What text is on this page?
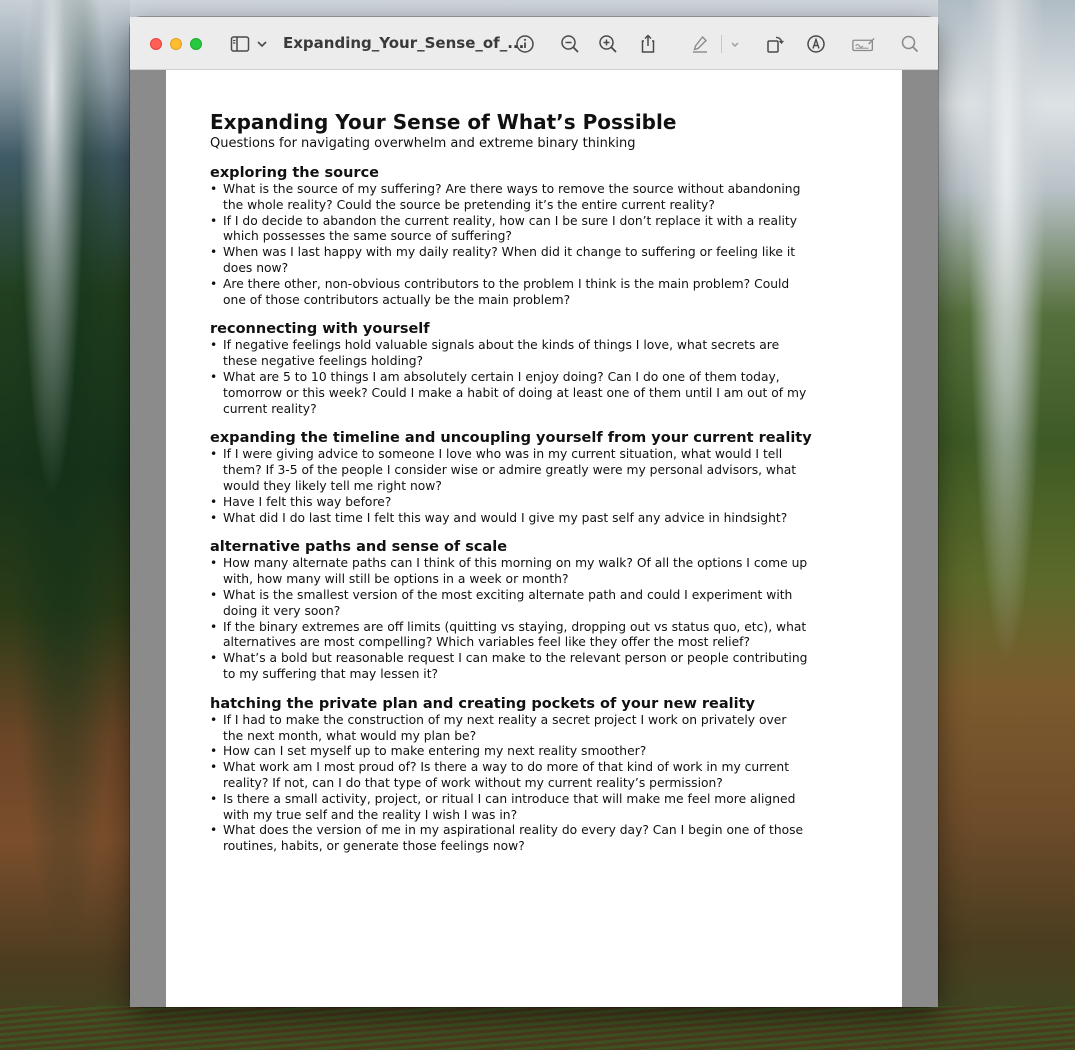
Expanding_Your_Sense_of_...
Expanding Your Sense of What’s Possible
Questions for navigating overwhelm and extreme binary thinking
exploring the source
• What is the source of my suffering? Are there ways to remove the source without abandoning the whole reality? Could the source be pretending it’s the entire current reality?
• If I do decide to abandon the current reality, how can I be sure I don’t replace it with a reality which possesses the same source of suffering?
• When was I last happy with my daily reality? When did it change to suffering or feeling like it does now?
• Are there other, non-obvious contributors to the problem I think is the main problem? Could one of those contributors actually be the main problem?
reconnecting with yourself
• If negative feelings hold valuable signals about the kinds of things I love, what secrets are these negative feelings holding?
• What are 5 to 10 things I am absolutely certain I enjoy doing? Can I do one of them today, tomorrow or this week? Could I make a habit of doing at least one of them until I am out of my current reality?
expanding the timeline and uncoupling yourself from your current reality
• If I were giving advice to someone I love who was in my current situation, what would I tell them? If 3-5 of the people I consider wise or admire greatly were my personal advisors, what would they likely tell me right now?
• Have I felt this way before?
• What did I do last time I felt this way and would I give my past self any advice in hindsight?
alternative paths and sense of scale
• How many alternate paths can I think of this morning on my walk? Of all the options I come up with, how many will still be options in a week or month?
• What is the smallest version of the most exciting alternate path and could I experiment with doing it very soon?
• If the binary extremes are off limits (quitting vs staying, dropping out vs status quo, etc), what alternatives are most compelling? Which variables feel like they offer the most relief?
• What’s a bold but reasonable request I can make to the relevant person or people contributing to my suffering that may lessen it?
hatching the private plan and creating pockets of your new reality
• If I had to make the construction of my next reality a secret project I work on privately over the next month, what would my plan be?
• How can I set myself up to make entering my next reality smoother?
• What work am I most proud of? Is there a way to do more of that kind of work in my current reality? If not, can I do that type of work without my current reality’s permission?
• Is there a small activity, project, or ritual I can introduce that will make me feel more aligned with my true self and the reality I wish I was in?
• What does the version of me in my aspirational reality do every day? Can I begin one of those routines, habits, or generate those feelings now?
